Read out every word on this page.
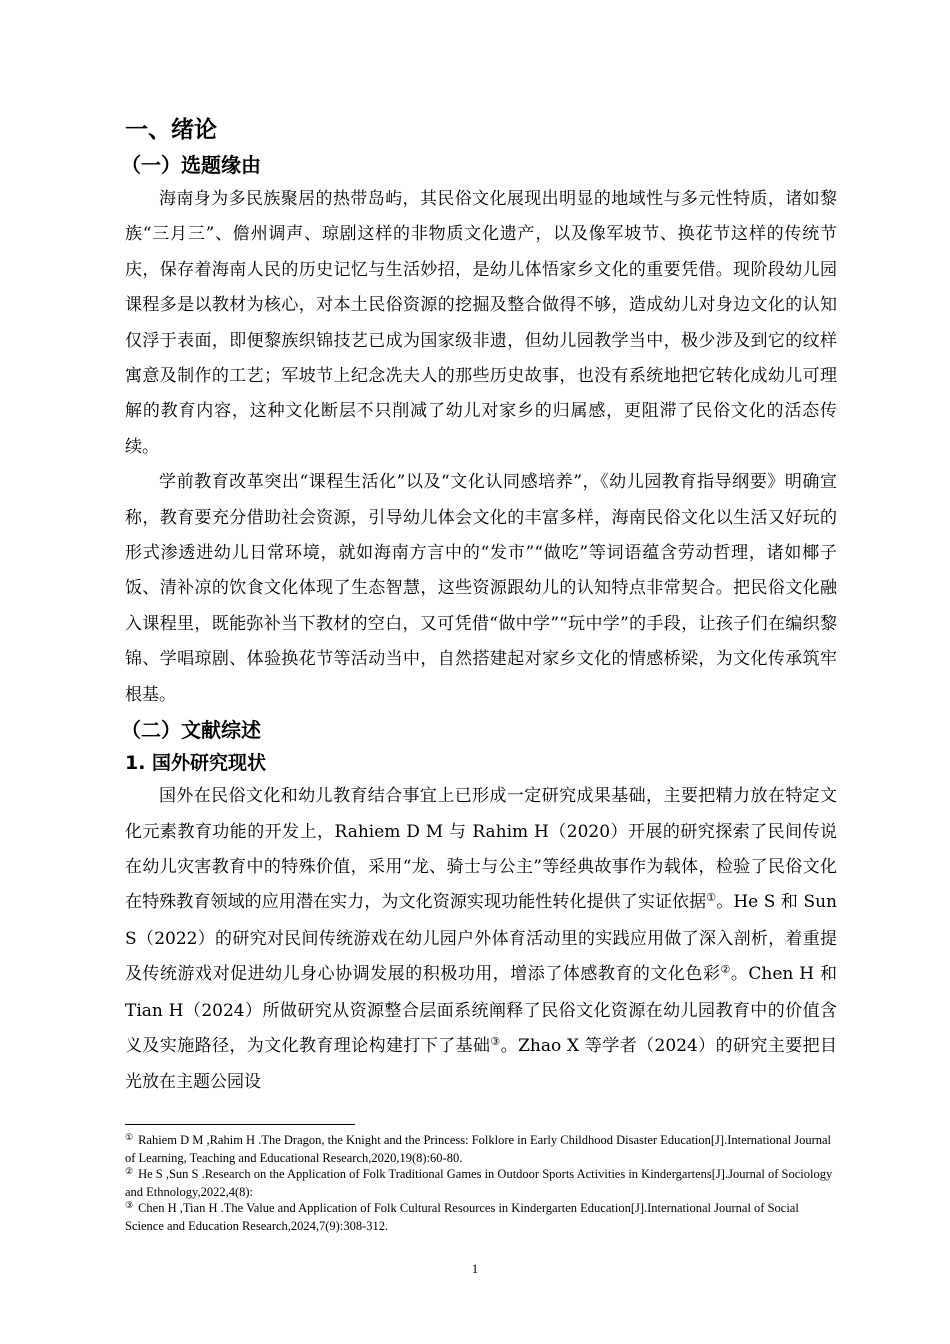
一、绪论
（一）选题缘由

海南身为多民族聚居的热带岛屿，其民俗文化展现出明显的地域性与多元性特质，诸如黎族“三月三”、儋州调声、琼剧这样的非物质文化遗产，以及像军坡节、换花节这样的传统节庆，保存着海南人民的历史记忆与生活妙招，是幼儿体悟家乡文化的重要凭借。现阶段幼儿园课程多是以教材为核心，对本土民俗资源的挖掘及整合做得不够，造成幼儿对身边文化的认知仅浮于表面，即便黎族织锦技艺已成为国家级非遗，但幼儿园教学当中，极少涉及到它的纹样寓意及制作的工艺；军坡节上纪念冼夫人的那些历史故事，也没有系统地把它转化成幼儿可理解的教育内容，这种文化断层不只削减了幼儿对家乡的归属感，更阻滞了民俗文化的活态传续。

学前教育改革突出“课程生活化”以及“文化认同感培养”，《幼儿园教育指导纲要》明确宣称，教育要充分借助社会资源，引导幼儿体会文化的丰富多样，海南民俗文化以生活又好玩的形式渗透进幼儿日常环境，就如海南方言中的“发市”“做吃”等词语蕴含劳动哲理，诸如椰子饭、清补凉的饮食文化体现了生态智慧，这些资源跟幼儿的认知特点非常契合。把民俗文化融入课程里，既能弥补当下教材的空白，又可凭借“做中学”“玩中学”的手段，让孩子们在编织黎锦、学唱琼剧、体验换花节等活动当中，自然搭建起对家乡文化的情感桥梁，为文化传承筑牢根基。

（二）文献综述
1. 国外研究现状

国外在民俗文化和幼儿教育结合事宜上已形成一定研究成果基础，主要把精力放在特定文化元素教育功能的开发上，Rahiem D M 与 Rahim H（2020）开展的研究探索了民间传说在幼儿灾害教育中的特殊价值，采用“龙、骑士与公主”等经典故事作为载体，检验了民俗文化在特殊教育领域的应用潜在实力，为文化资源实现功能性转化提供了实证依据①。He S 和 Sun S（2022）的研究对民间传统游戏在幼儿园户外体育活动里的实践应用做了深入剖析，着重提及传统游戏对促进幼儿身心协调发展的积极功用，增添了体感教育的文化色彩②。Chen H 和 Tian H（2024）所做研究从资源整合层面系统阐释了民俗文化资源在幼儿园教育中的价值含义及实施路径，为文化教育理论构建打下了基础③。Zhao X 等学者（2024）的研究主要把目光放在主题公园设

① Rahiem D M ,Rahim H .The Dragon, the Knight and the Princess: Folklore in Early Childhood Disaster Education[J].International Journal of Learning, Teaching and Educational Research,2020,19(8):60-80.

② He S ,Sun S .Research on the Application of Folk Traditional Games in Outdoor Sports Activities in Kindergartens[J].Journal of Sociology and Ethnology,2022,4(8):

③ Chen H ,Tian H .The Value and Application of Folk Cultural Resources in Kindergarten Education[J].International Journal of Social Science and Education Research,2024,7(9):308-312.

1
